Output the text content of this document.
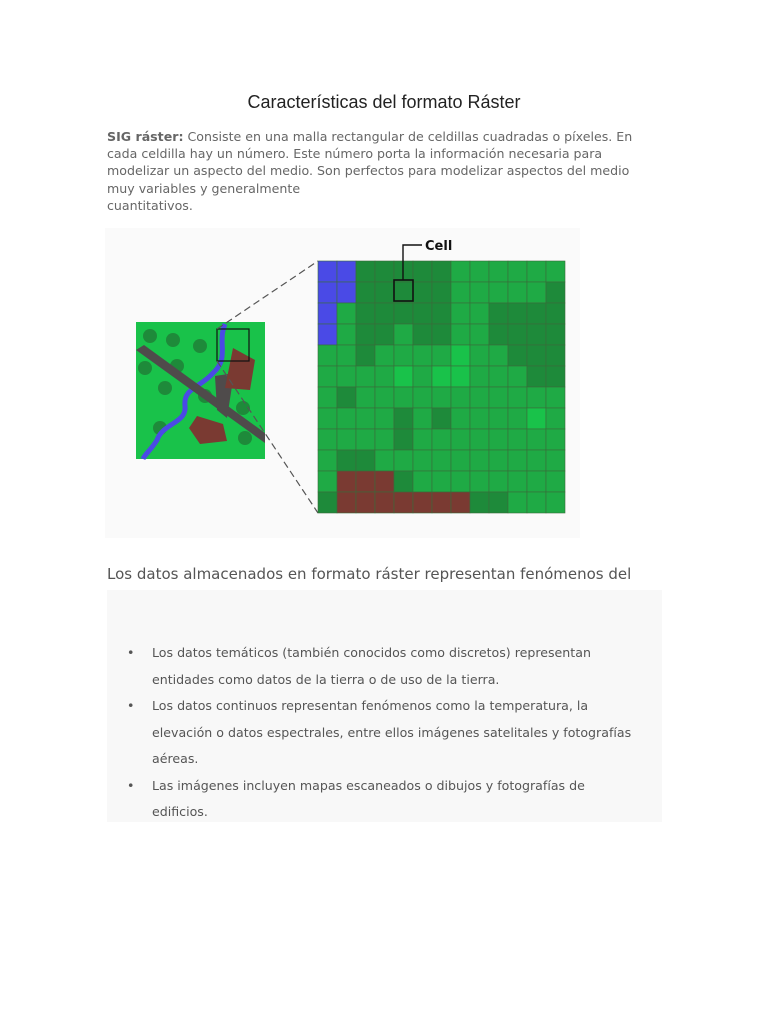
Características del formato Ráster
SIG ráster: Consiste en una malla rectangular de celdillas cuadradas o píxeles. En
cada celdilla hay un número. Este número porta la información necesaria para
modelizar un aspecto del medio. Son perfectos para modelizar aspectos del medio
muy variables y generalmente
cuantitativos.
Cell
Los datos almacenados en formato ráster representan fenómenos del

• Los datos temáticos (también conocidos como discretos) representan
entidades como datos de la tierra o de uso de la tierra.
• Los datos continuos representan fenómenos como la temperatura, la
elevación o datos espectrales, entre ellos imágenes satelitales y fotografías
aéreas.
• Las imágenes incluyen mapas escaneados o dibujos y fotografías de
edificios.
